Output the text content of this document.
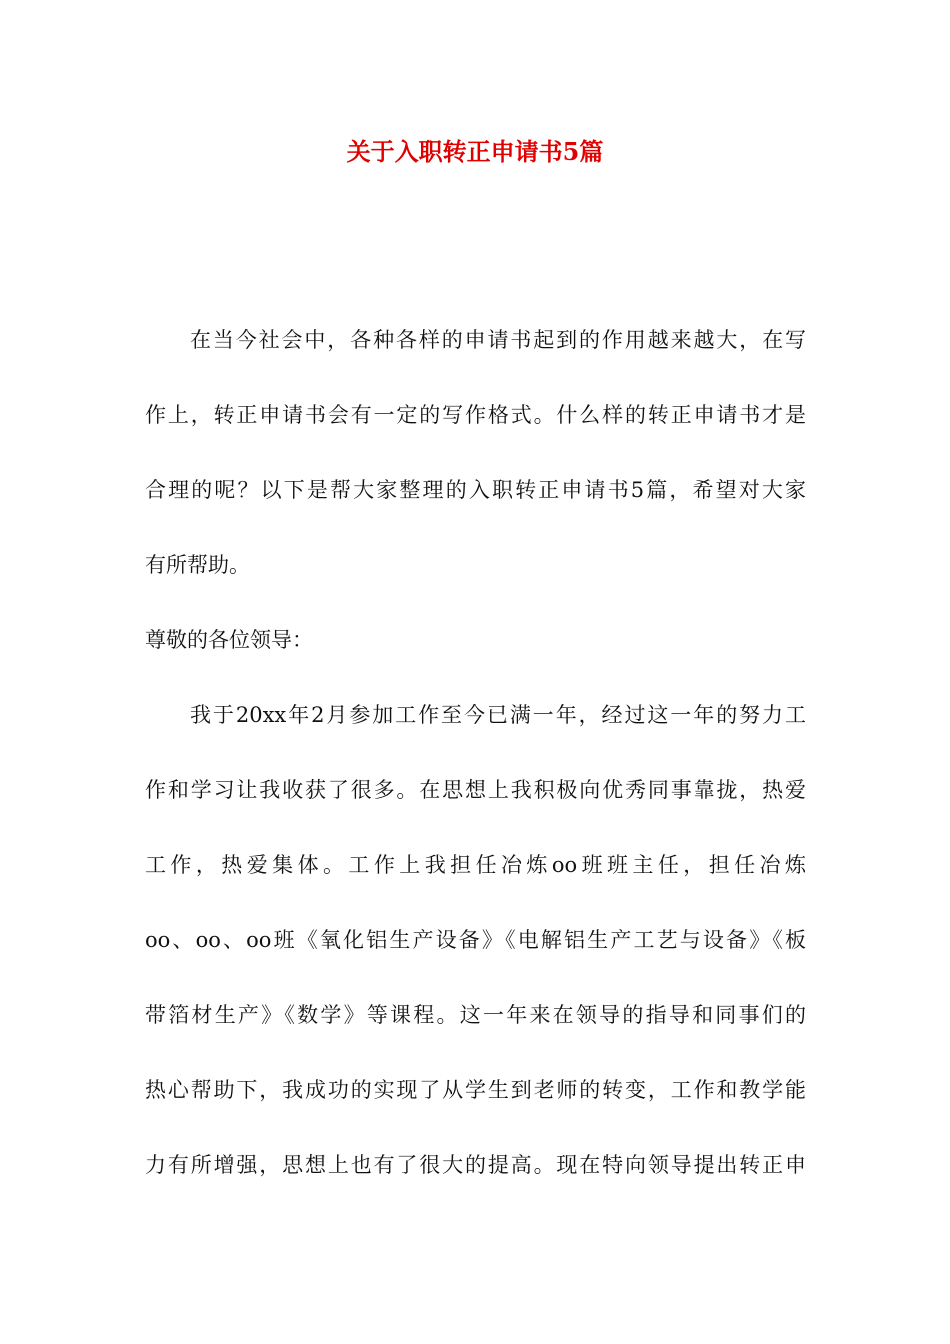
关于入职转正申请书5篇

在当今社会中，各种各样的申请书起到的作用越来越大，在写

作上，转正申请书会有一定的写作格式。什么样的转正申请书才是

合理的呢？以下是帮大家整理的入职转正申请书5篇，希望对大家

有所帮助。

尊敬的各位领导：

我于20xx年2月参加工作至今已满一年，经过这一年的努力工

作和学习让我收获了很多。在思想上我积极向优秀同事靠拢，热爱

工作，热爱集体。工作上我担任冶炼oo班班主任，担任冶炼

oo、oo、oo班《氧化铝生产设备》《电解铝生产工艺与设备》《板

带箔材生产》《数学》等课程。这一年来在领导的指导和同事们的

热心帮助下，我成功的实现了从学生到老师的转变，工作和教学能

力有所增强，思想上也有了很大的提高。现在特向领导提出转正申
